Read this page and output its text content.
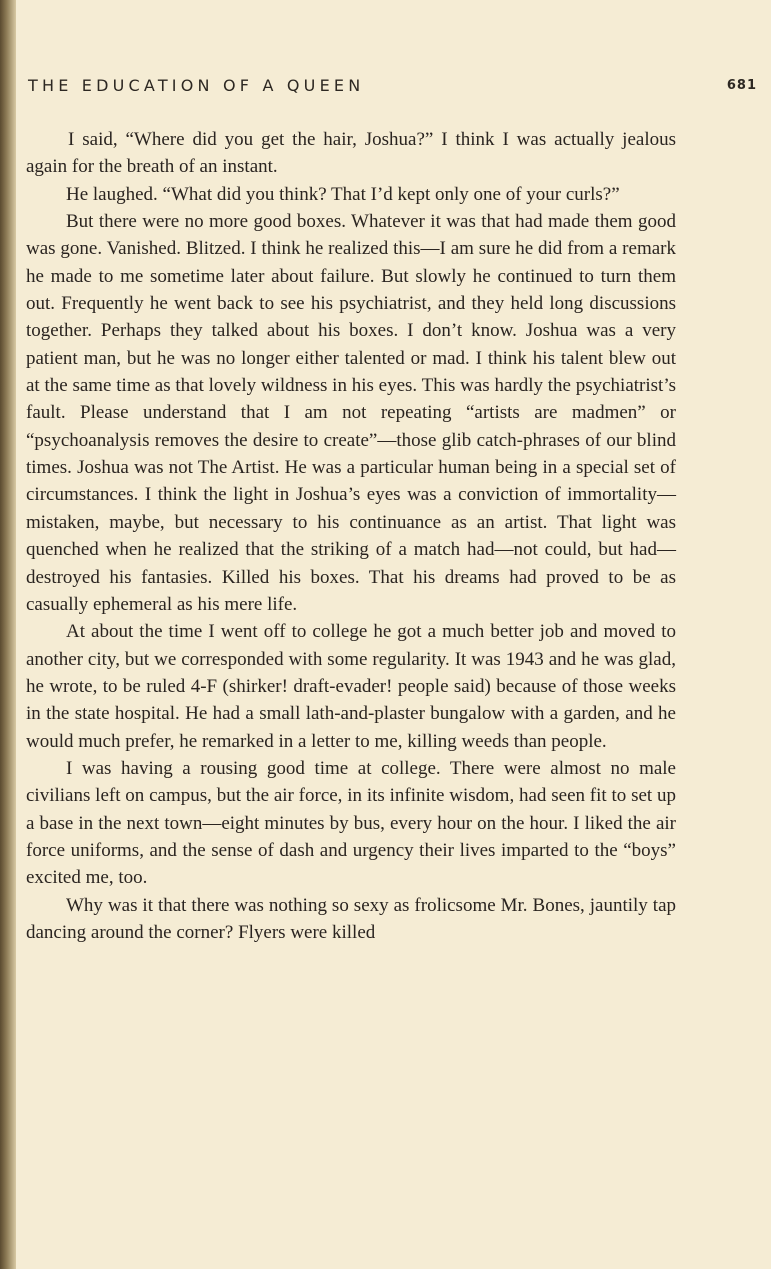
THE EDUCATION OF A QUEEN	681

I said, “Where did you get the hair, Joshua?” I think I was actually jealous again for the breath of an instant.

He laughed. “What did you think? That I’d kept only one of your curls?”

But there were no more good boxes. Whatever it was that had made them good was gone. Vanished. Blitzed. I think he realized this—I am sure he did from a remark he made to me sometime later about failure. But slowly he continued to turn them out. Frequently he went back to see his psychiatrist, and they held long discussions together. Perhaps they talked about his boxes. I don’t know. Joshua was a very patient man, but he was no longer either talented or mad. I think his talent blew out at the same time as that lovely wildness in his eyes. This was hardly the psychiatrist’s fault. Please understand that I am not repeating “artists are madmen” or “psychoanalysis removes the desire to create”—those glib catch-phrases of our blind times. Joshua was not The Artist. He was a particular human being in a special set of circumstances. I think the light in Joshua’s eyes was a conviction of immortality—mistaken, maybe, but necessary to his continuance as an artist. That light was quenched when he realized that the striking of a match had—not could, but had—destroyed his fantasies. Killed his boxes. That his dreams had proved to be as casually ephemeral as his mere life.

At about the time I went off to college he got a much better job and moved to another city, but we corresponded with some regularity. It was 1943 and he was glad, he wrote, to be ruled 4-F (shirker! draft-evader! people said) because of those weeks in the state hospital. He had a small lath-and-plaster bungalow with a garden, and he would much prefer, he remarked in a letter to me, killing weeds than people.

I was having a rousing good time at college. There were almost no male civilians left on campus, but the air force, in its infinite wisdom, had seen fit to set up a base in the next town—eight minutes by bus, every hour on the hour. I liked the air force uniforms, and the sense of dash and urgency their lives imparted to the “boys” excited me, too.

Why was it that there was nothing so sexy as frolicsome Mr. Bones, jauntily tap dancing around the corner? Flyers were killed
